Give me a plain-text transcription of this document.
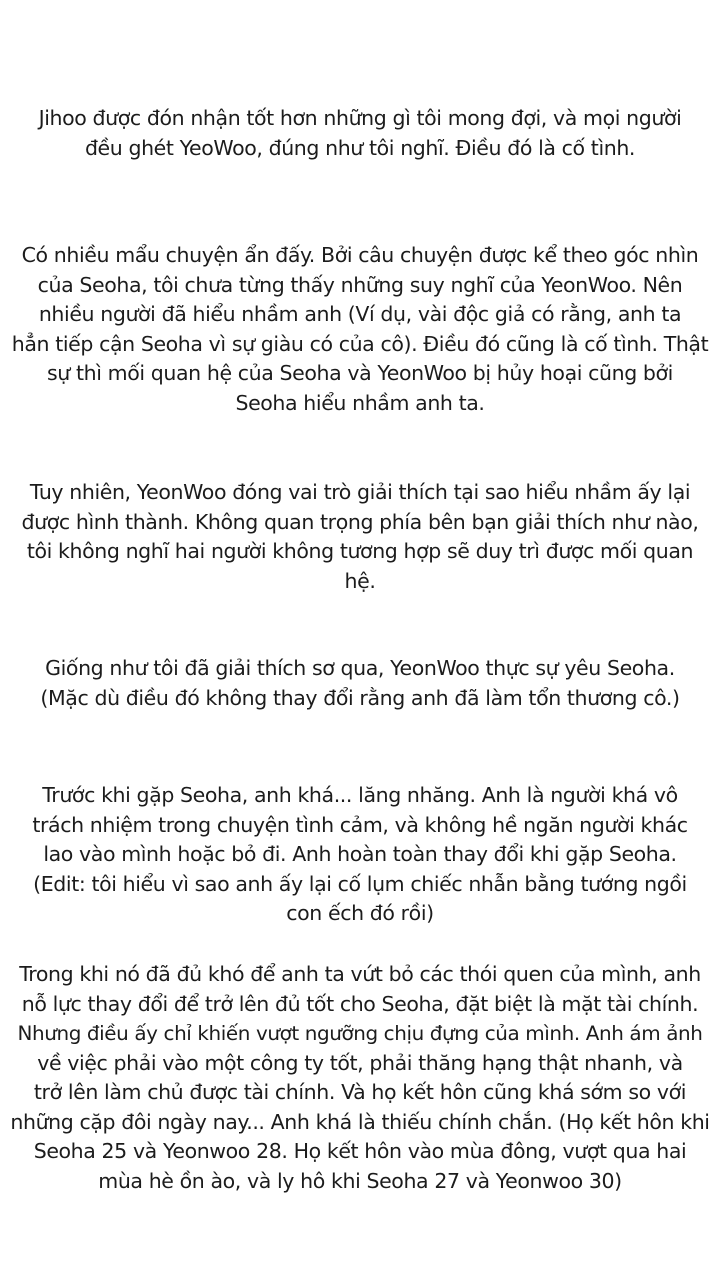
Jihoo được đón nhận tốt hơn những gì tôi mong đợi, và mọi người
đều ghét YeoWoo, đúng như tôi nghĩ. Điều đó là cố tình.

Có nhiều mẩu chuyện ẩn đấy. Bởi câu chuyện được kể theo góc nhìn
của Seoha, tôi chưa từng thấy những suy nghĩ của YeonWoo. Nên
nhiều người đã hiểu nhầm anh (Ví dụ, vài độc giả có rằng, anh ta
hẳn tiếp cận Seoha vì sự giàu có của cô). Điều đó cũng là cố tình. Thật
sự thì mối quan hệ của Seoha và YeonWoo bị hủy hoại cũng bởi
Seoha hiểu nhầm anh ta.

Tuy nhiên, YeonWoo đóng vai trò giải thích tại sao hiểu nhầm ấy lại
được hình thành. Không quan trọng phía bên bạn giải thích như nào,
tôi không nghĩ hai người không tương hợp sẽ duy trì được mối quan
hệ.

Giống như tôi đã giải thích sơ qua, YeonWoo thực sự yêu Seoha.
(Mặc dù điều đó không thay đổi rằng anh đã làm tổn thương cô.)

Trước khi gặp Seoha, anh khá... lăng nhăng. Anh là người khá vô
trách nhiệm trong chuyện tình cảm, và không hề ngăn người khác
lao vào mình hoặc bỏ đi. Anh hoàn toàn thay đổi khi gặp Seoha.
(Edit: tôi hiểu vì sao anh ấy lại cố lụm chiếc nhẫn bằng tướng ngồi
con ếch đó rồi)

Trong khi nó đã đủ khó để anh ta vứt bỏ các thói quen của mình, anh
nỗ lực thay đổi để trở lên đủ tốt cho Seoha, đặt biệt là mặt tài chính.
Nhưng điều ấy chỉ khiến vượt ngưỡng chịu đựng của mình. Anh ám ảnh
về việc phải vào một công ty tốt, phải thăng hạng thật nhanh, và
trở lên làm chủ được tài chính. Và họ kết hôn cũng khá sớm so với
những cặp đôi ngày nay... Anh khá là thiếu chính chắn. (Họ kết hôn khi
Seoha 25 và Yeonwoo 28. Họ kết hôn vào mùa đông, vượt qua hai
mùa hè ồn ào, và ly hô khi Seoha 27 và Yeonwoo 30)
